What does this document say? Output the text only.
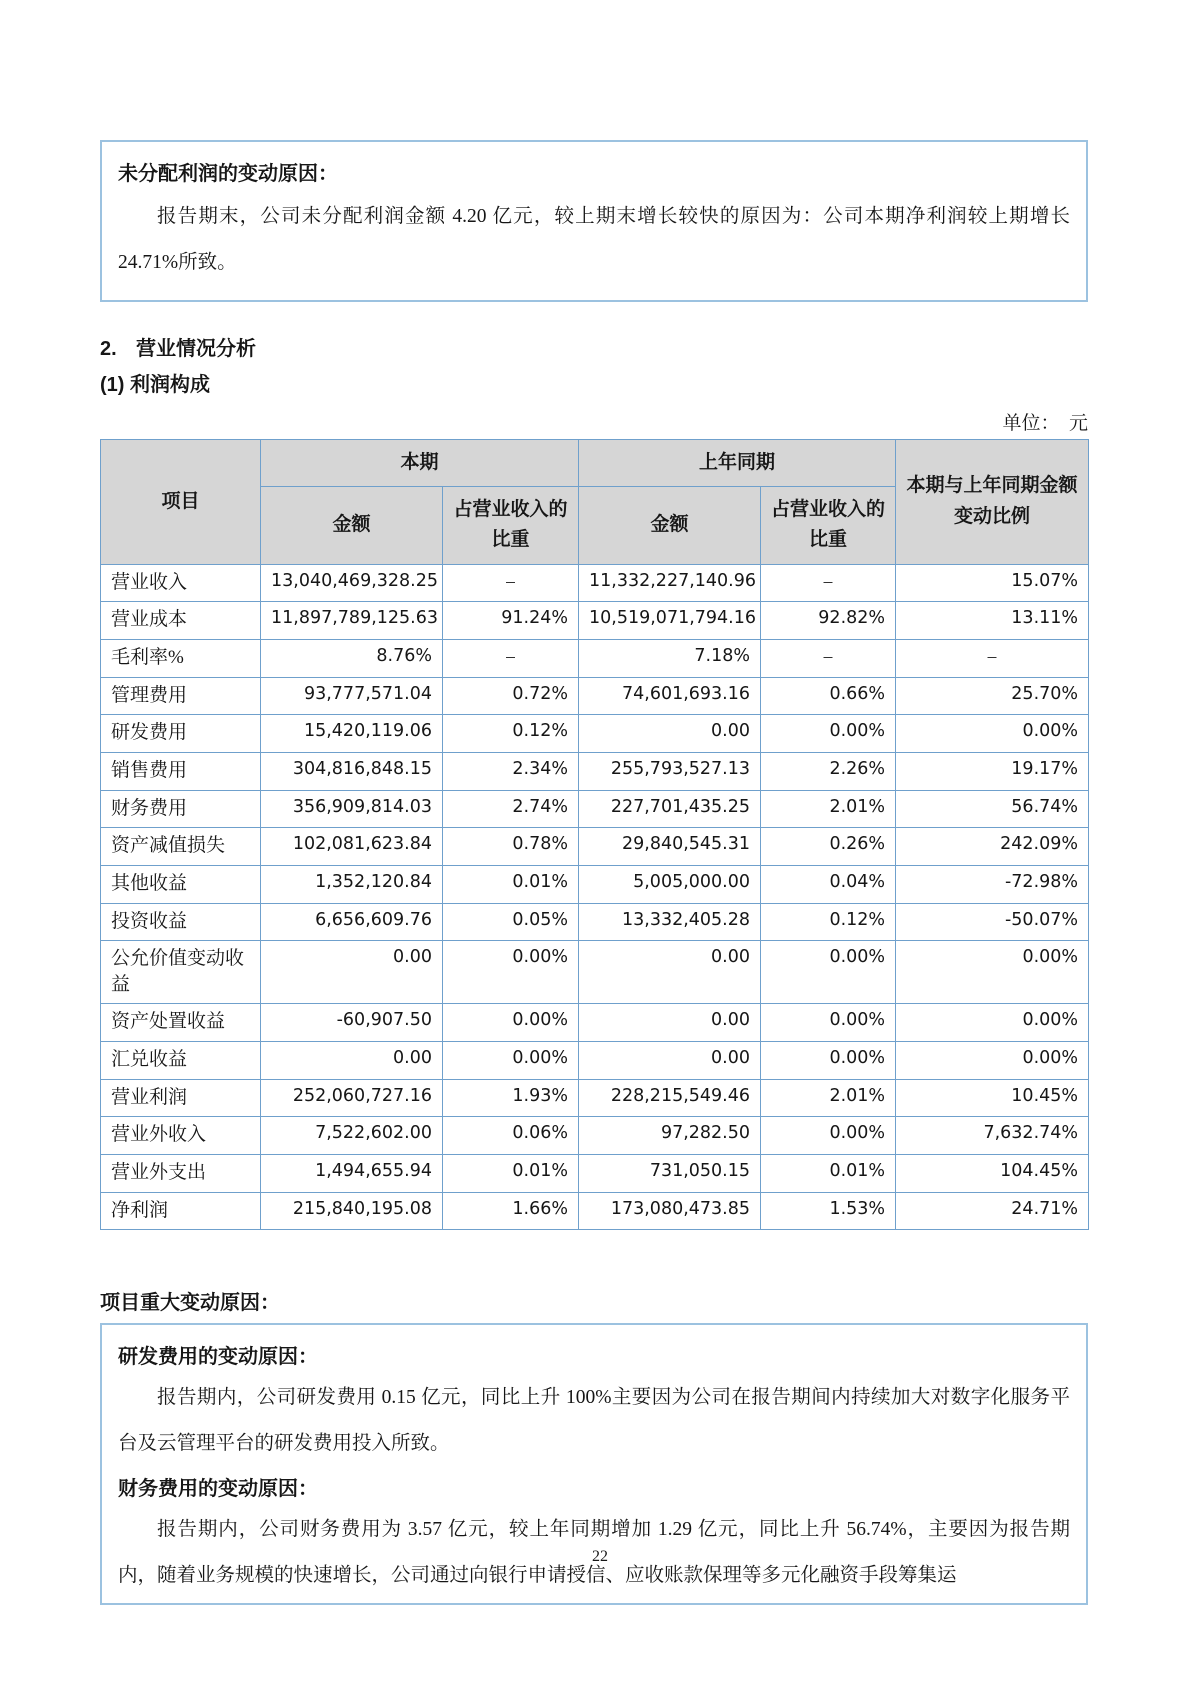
未分配利润的变动原因：

报告期末，公司未分配利润金额 4.20 亿元，较上期末增长较快的原因为：公司本期净利润较上期增长 24.71%所致。

2. 营业情况分析
(1) 利润构成
单位：　元
项目	本期		上年同期		本期与上年同期金额变动比例
	金额	占营业收入的比重	金额	占营业收入的比重	
营业收入	13,040,469,328.25	–	11,332,227,140.96	–	15.07%
营业成本	11,897,789,125.63	91.24%	10,519,071,794.16	92.82%	13.11%
毛利率%	8.76%	–	7.18%	–	–
管理费用	93,777,571.04	0.72%	74,601,693.16	0.66%	25.70%
研发费用	15,420,119.06	0.12%	0.00	0.00%	0.00%
销售费用	304,816,848.15	2.34%	255,793,527.13	2.26%	19.17%
财务费用	356,909,814.03	2.74%	227,701,435.25	2.01%	56.74%
资产减值损失	102,081,623.84	0.78%	29,840,545.31	0.26%	242.09%
其他收益	1,352,120.84	0.01%	5,005,000.00	0.04%	-72.98%
投资收益	6,656,609.76	0.05%	13,332,405.28	0.12%	-50.07%
公允价值变动收益	0.00	0.00%	0.00	0.00%	0.00%
资产处置收益	-60,907.50	0.00%	0.00	0.00%	0.00%
汇兑收益	0.00	0.00%	0.00	0.00%	0.00%
营业利润	252,060,727.16	1.93%	228,215,549.46	2.01%	10.45%
营业外收入	7,522,602.00	0.06%	97,282.50	0.00%	7,632.74%
营业外支出	1,494,655.94	0.01%	731,050.15	0.01%	104.45%
净利润	215,840,195.08	1.66%	173,080,473.85	1.53%	24.71%
项目重大变动原因：
研发费用的变动原因：

报告期内，公司研发费用 0.15 亿元，同比上升 100%主要因为公司在报告期间内持续加大对数字化服务平台及云管理平台的研发费用投入所致。

财务费用的变动原因：

报告期内，公司财务费用为 3.57 亿元，较上年同期增加 1.29 亿元，同比上升 56.74%，主要因为报告期内，随着业务规模的快速增长，公司通过向银行申请授信、应收账款保理等多元化融资手段筹集运

22
